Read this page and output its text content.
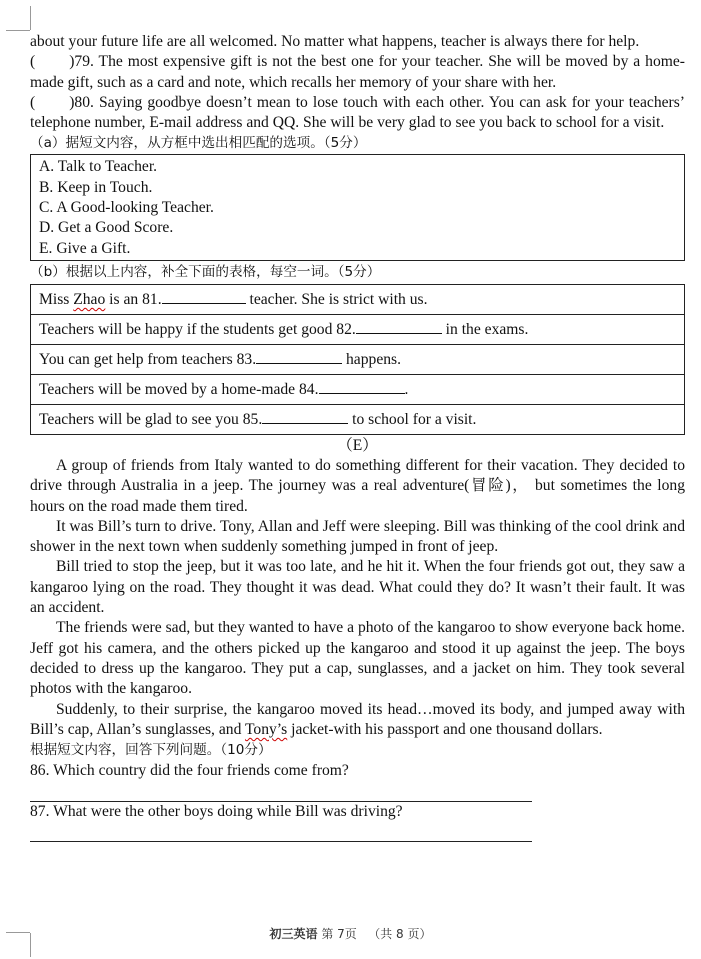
about your future life are all welcomed. No matter what happens, teacher is always there for help.

( )79. The most expensive gift is not the best one for your teacher. She will be moved by a home-made gift, such as a card and note, which recalls her memory of your share with her.

( )80. Saying goodbye doesn’t mean to lose touch with each other. You can ask for your teachers’ telephone number, E-mail address and QQ. She will be very glad to see you back to school for a visit.

（a）据短文内容，从方框中选出相匹配的选项。（5分）

A. Talk to Teacher.
B. Keep in Touch.
C. A Good-looking Teacher.
D. Get a Good Score.
E. Give a Gift.

（b）根据以上内容，补全下面的表格，每空一词。（5分）

Miss Zhao is an 81.	teacher. She is strict with us.
Teachers will be happy if the students get good 82.	in the exams.
You can get help from teachers 83.	happens.
Teachers will be moved by a home-made 84.	.
Teachers will be glad to see you 85.	to school for a visit.
（E）

A group of friends from Italy wanted to do something different for their vacation. They decided to drive through Australia in a jeep. The journey was a real adventure(冒险)， but sometimes the long hours on the road made them tired.

It was Bill’s turn to drive. Tony, Allan and Jeff were sleeping. Bill was thinking of the cool drink and shower in the next town when suddenly something jumped in front of jeep.

Bill tried to stop the jeep, but it was too late, and he hit it. When the four friends got out, they saw a kangaroo lying on the road. They thought it was dead. What could they do? It wasn’t their fault. It was an accident.

The friends were sad, but they wanted to have a photo of the kangaroo to show everyone back home. Jeff got his camera, and the others picked up the kangaroo and stood it up against the jeep. The boys decided to dress up the kangaroo. They put a cap, sunglasses, and a jacket on him. They took several photos with the kangaroo.

Suddenly, to their surprise, the kangaroo moved its head…moved its body, and jumped away with Bill’s cap, Allan’s sunglasses, and Tony’s jacket-with his passport and one thousand dollars.

根据短文内容，回答下列问题。（10分）

86. Which country did the four friends come from?

87. What were the other boys doing while Bill was driving?

初三英语 第 7页 （共 8 页）
